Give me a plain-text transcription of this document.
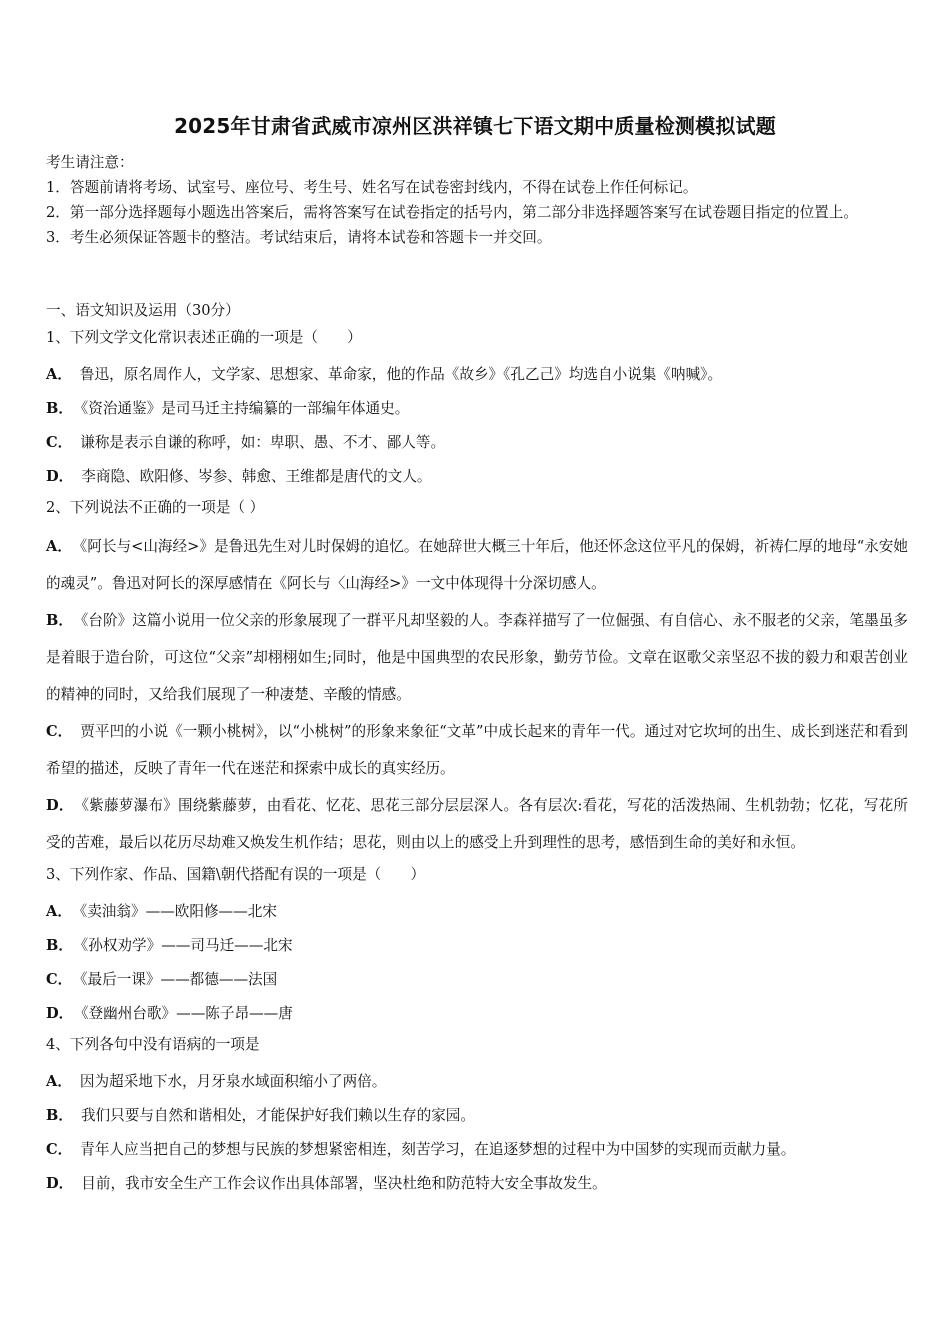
2025年甘肃省武威市凉州区洪祥镇七下语文期中质量检测模拟试题

考生请注意：

1．答题前请将考场、试室号、座位号、考生号、姓名写在试卷密封线内，不得在试卷上作任何标记。

2．第一部分选择题每小题选出答案后，需将答案写在试卷指定的括号内，第二部分非选择题答案写在试卷题目指定的位置上。

3．考生必须保证答题卡的整洁。考试结束后，请将本试卷和答题卡一并交回。

一、语文知识及运用（30分）

1、下列文学文化常识表述正确的一项是（　　）

A． 鲁迅，原名周作人，文学家、思想家、革命家，他的作品《故乡》《孔乙己》均选自小说集《呐喊》。

B． 《资治通鉴》是司马迁主持编纂的一部编年体通史。

C． 谦称是表示自谦的称呼，如：卑职、愚、不才、鄙人等。

D． 李商隐、欧阳修、岑参、韩愈、王维都是唐代的文人。

2、下列说法不正确的一项是（ ）

A． 《阿长与<山海经>》是鲁迅先生对儿时保姆的追忆。在她辞世大概三十年后，他还怀念这位平凡的保姆，祈祷仁厚的地母“永安她的魂灵”。鲁迅对阿长的深厚感情在《阿长与〈山海经>》一文中体现得十分深切感人。

B． 《台阶》这篇小说用一位父亲的形象展现了一群平凡却坚毅的人。李森祥描写了一位倔强、有自信心、永不服老的父亲，笔墨虽多是着眼于造台阶，可这位“父亲”却栩栩如生;同时，他是中国典型的农民形象，勤劳节俭。文章在讴歌父亲坚忍不拔的毅力和艰苦创业的精神的同时，又给我们展现了一种凄楚、辛酸的情感。

C． 贾平凹的小说《一颗小桃树》，以“小桃树”的形象来象征“文革”中成长起来的青年一代。通过对它坎坷的出生、成长到迷茫和看到希望的描述，反映了青年一代在迷茫和探索中成长的真实经历。

D． 《紫藤萝瀑布》围绕紫藤萝，由看花、忆花、思花三部分层层深人。各有层次:看花，写花的活泼热闹、生机勃勃；忆花，写花所受的苦难，最后以花历尽劫难又焕发生机作结；思花，则由以上的感受上升到理性的思考，感悟到生命的美好和永恒。

3、下列作家、作品、国籍\朝代搭配有误的一项是（　　）

A． 《卖油翁》——欧阳修——北宋

B． 《孙权劝学》——司马迁——北宋

C． 《最后一课》——都德——法国

D． 《登幽州台歌》——陈子昂——唐

4、下列各句中没有语病的一项是

A． 因为超采地下水，月牙泉水域面积缩小了两倍。

B． 我们只要与自然和谐相处，才能保护好我们赖以生存的家园。

C． 青年人应当把自己的梦想与民族的梦想紧密相连，刻苦学习，在追逐梦想的过程中为中国梦的实现而贡献力量。

D． 目前，我市安全生产工作会议作出具体部署，坚决杜绝和防范特大安全事故发生。
